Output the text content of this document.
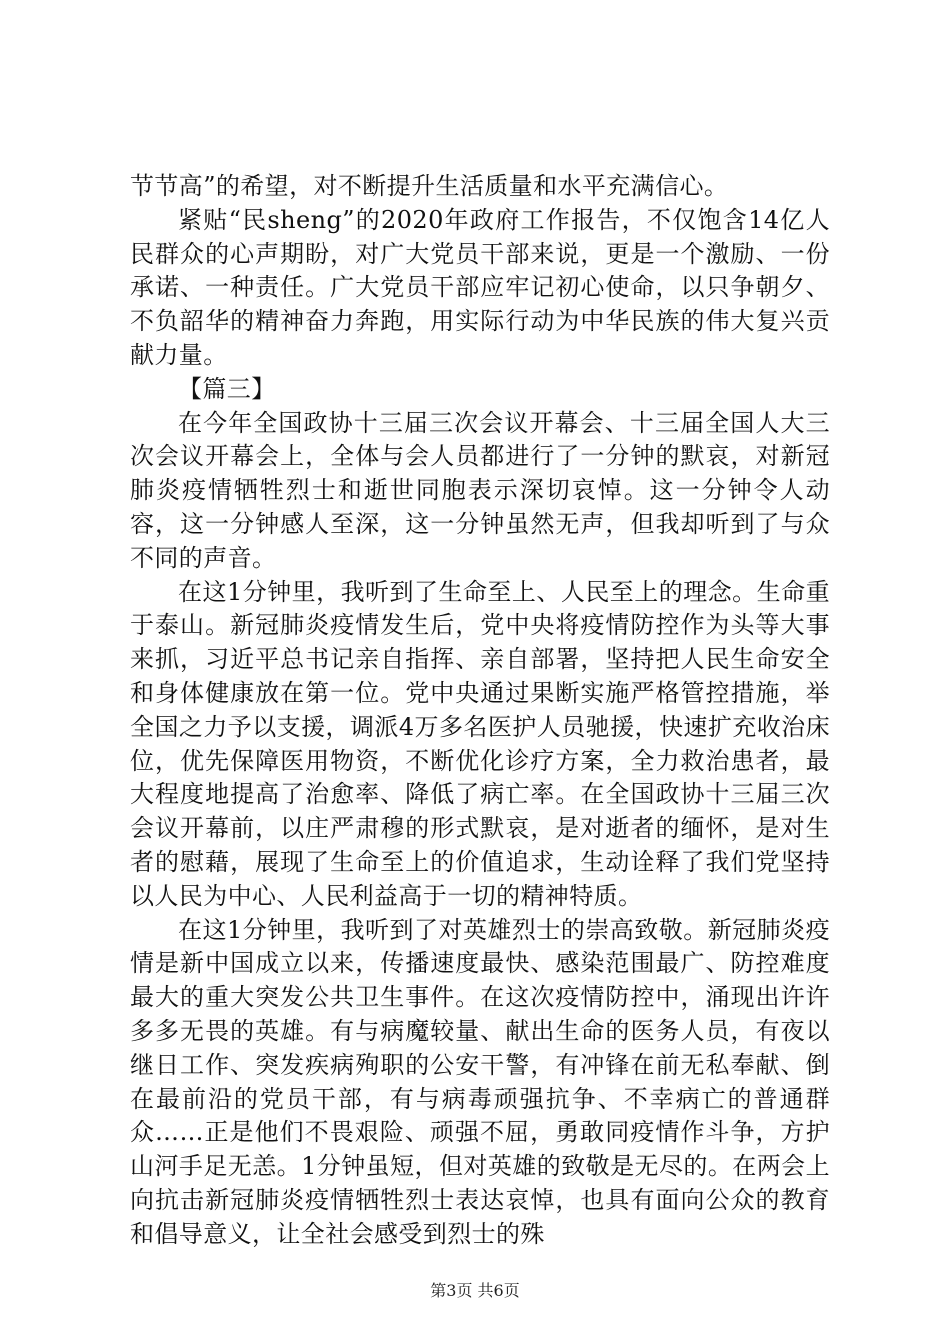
节节高”的希望，对不断提升生活质量和水平充满信心。

紧贴“民sheng”的2020年政府工作报告，不仅饱含14亿人民群众的心声期盼，对广大党员干部来说，更是一个激励、一份承诺、一种责任。广大党员干部应牢记初心使命，以只争朝夕、不负韶华的精神奋力奔跑，用实际行动为中华民族的伟大复兴贡献力量。

【篇三】

在今年全国政协十三届三次会议开幕会、十三届全国人大三次会议开幕会上，全体与会人员都进行了一分钟的默哀，对新冠肺炎疫情牺牲烈士和逝世同胞表示深切哀悼。这一分钟令人动容，这一分钟感人至深，这一分钟虽然无声，但我却听到了与众不同的声音。

在这1分钟里，我听到了生命至上、人民至上的理念。生命重于泰山。新冠肺炎疫情发生后，党中央将疫情防控作为头等大事来抓，习近平总书记亲自指挥、亲自部署，坚持把人民生命安全和身体健康放在第一位。党中央通过果断实施严格管控措施，举全国之力予以支援，调派4万多名医护人员驰援，快速扩充收治床位，优先保障医用物资，不断优化诊疗方案，全力救治患者，最大程度地提高了治愈率、降低了病亡率。在全国政协十三届三次会议开幕前，以庄严肃穆的形式默哀，是对逝者的缅怀，是对生者的慰藉，展现了生命至上的价值追求，生动诠释了我们党坚持以人民为中心、人民利益高于一切的精神特质。

在这1分钟里，我听到了对英雄烈士的崇高致敬。新冠肺炎疫情是新中国成立以来，传播速度最快、感染范围最广、防控难度最大的重大突发公共卫生事件。在这次疫情防控中，涌现出许许多多无畏的英雄。有与病魔较量、献出生命的医务人员，有夜以继日工作、突发疾病殉职的公安干警，有冲锋在前无私奉献、倒在最前沿的党员干部，有与病毒顽强抗争、不幸病亡的普通群众……正是他们不畏艰险、顽强不屈，勇敢同疫情作斗争，方护山河手足无恙。1分钟虽短，但对英雄的致敬是无尽的。在两会上向抗击新冠肺炎疫情牺牲烈士表达哀悼，也具有面向公众的教育和倡导意义，让全社会感受到烈士的殊

第3页 共6页
